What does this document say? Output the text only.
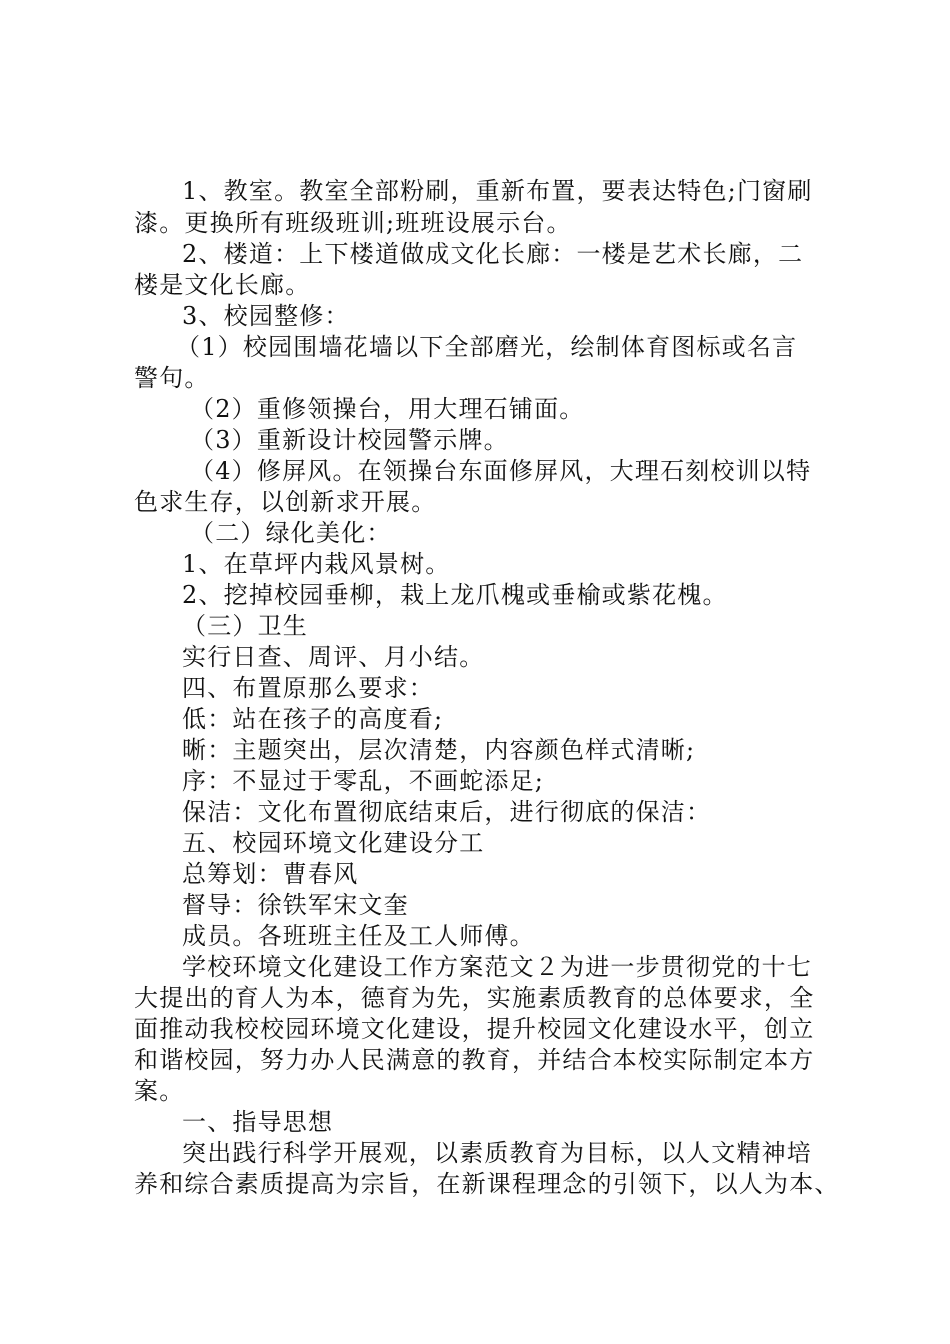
1、教室。教室全部粉刷，重新布置，要表达特色;门窗刷
漆。更换所有班级班训;班班设展示台。
2、楼道：上下楼道做成文化长廊：一楼是艺术长廊，二
楼是文化长廊。
3、校园整修：
（1）校园围墙花墙以下全部磨光，绘制体育图标或名言
警句。
（2）重修领操台，用大理石铺面。
（3）重新设计校园警示牌。
（4）修屏风。在领操台东面修屏风，大理石刻校训以特
色求生存，以创新求开展。
（二）绿化美化：
1、在草坪内栽风景树。
2、挖掉校园垂柳，栽上龙爪槐或垂榆或紫花槐。
（三）卫生
实行日查、周评、月小结。
四、布置原那么要求：
低：站在孩子的高度看;
晰：主题突出，层次清楚，内容颜色样式清晰;
序：不显过于零乱，不画蛇添足;
保洁：文化布置彻底结束后，进行彻底的保洁：
五、校园环境文化建设分工
总筹划：曹春风
督导：徐铁军宋文奎
成员。各班班主任及工人师傅。
学校环境文化建设工作方案范文２为进一步贯彻党的十七
大提出的育人为本，德育为先，实施素质教育的总体要求，全
面推动我校校园环境文化建设，提升校园文化建设水平，创立
和谐校园，努力办人民满意的教育，并结合本校实际制定本方
案。
一、指导思想
突出践行科学开展观，以素质教育为目标，以人文精神培
养和综合素质提高为宗旨，在新课程理念的引领下，以人为本、
